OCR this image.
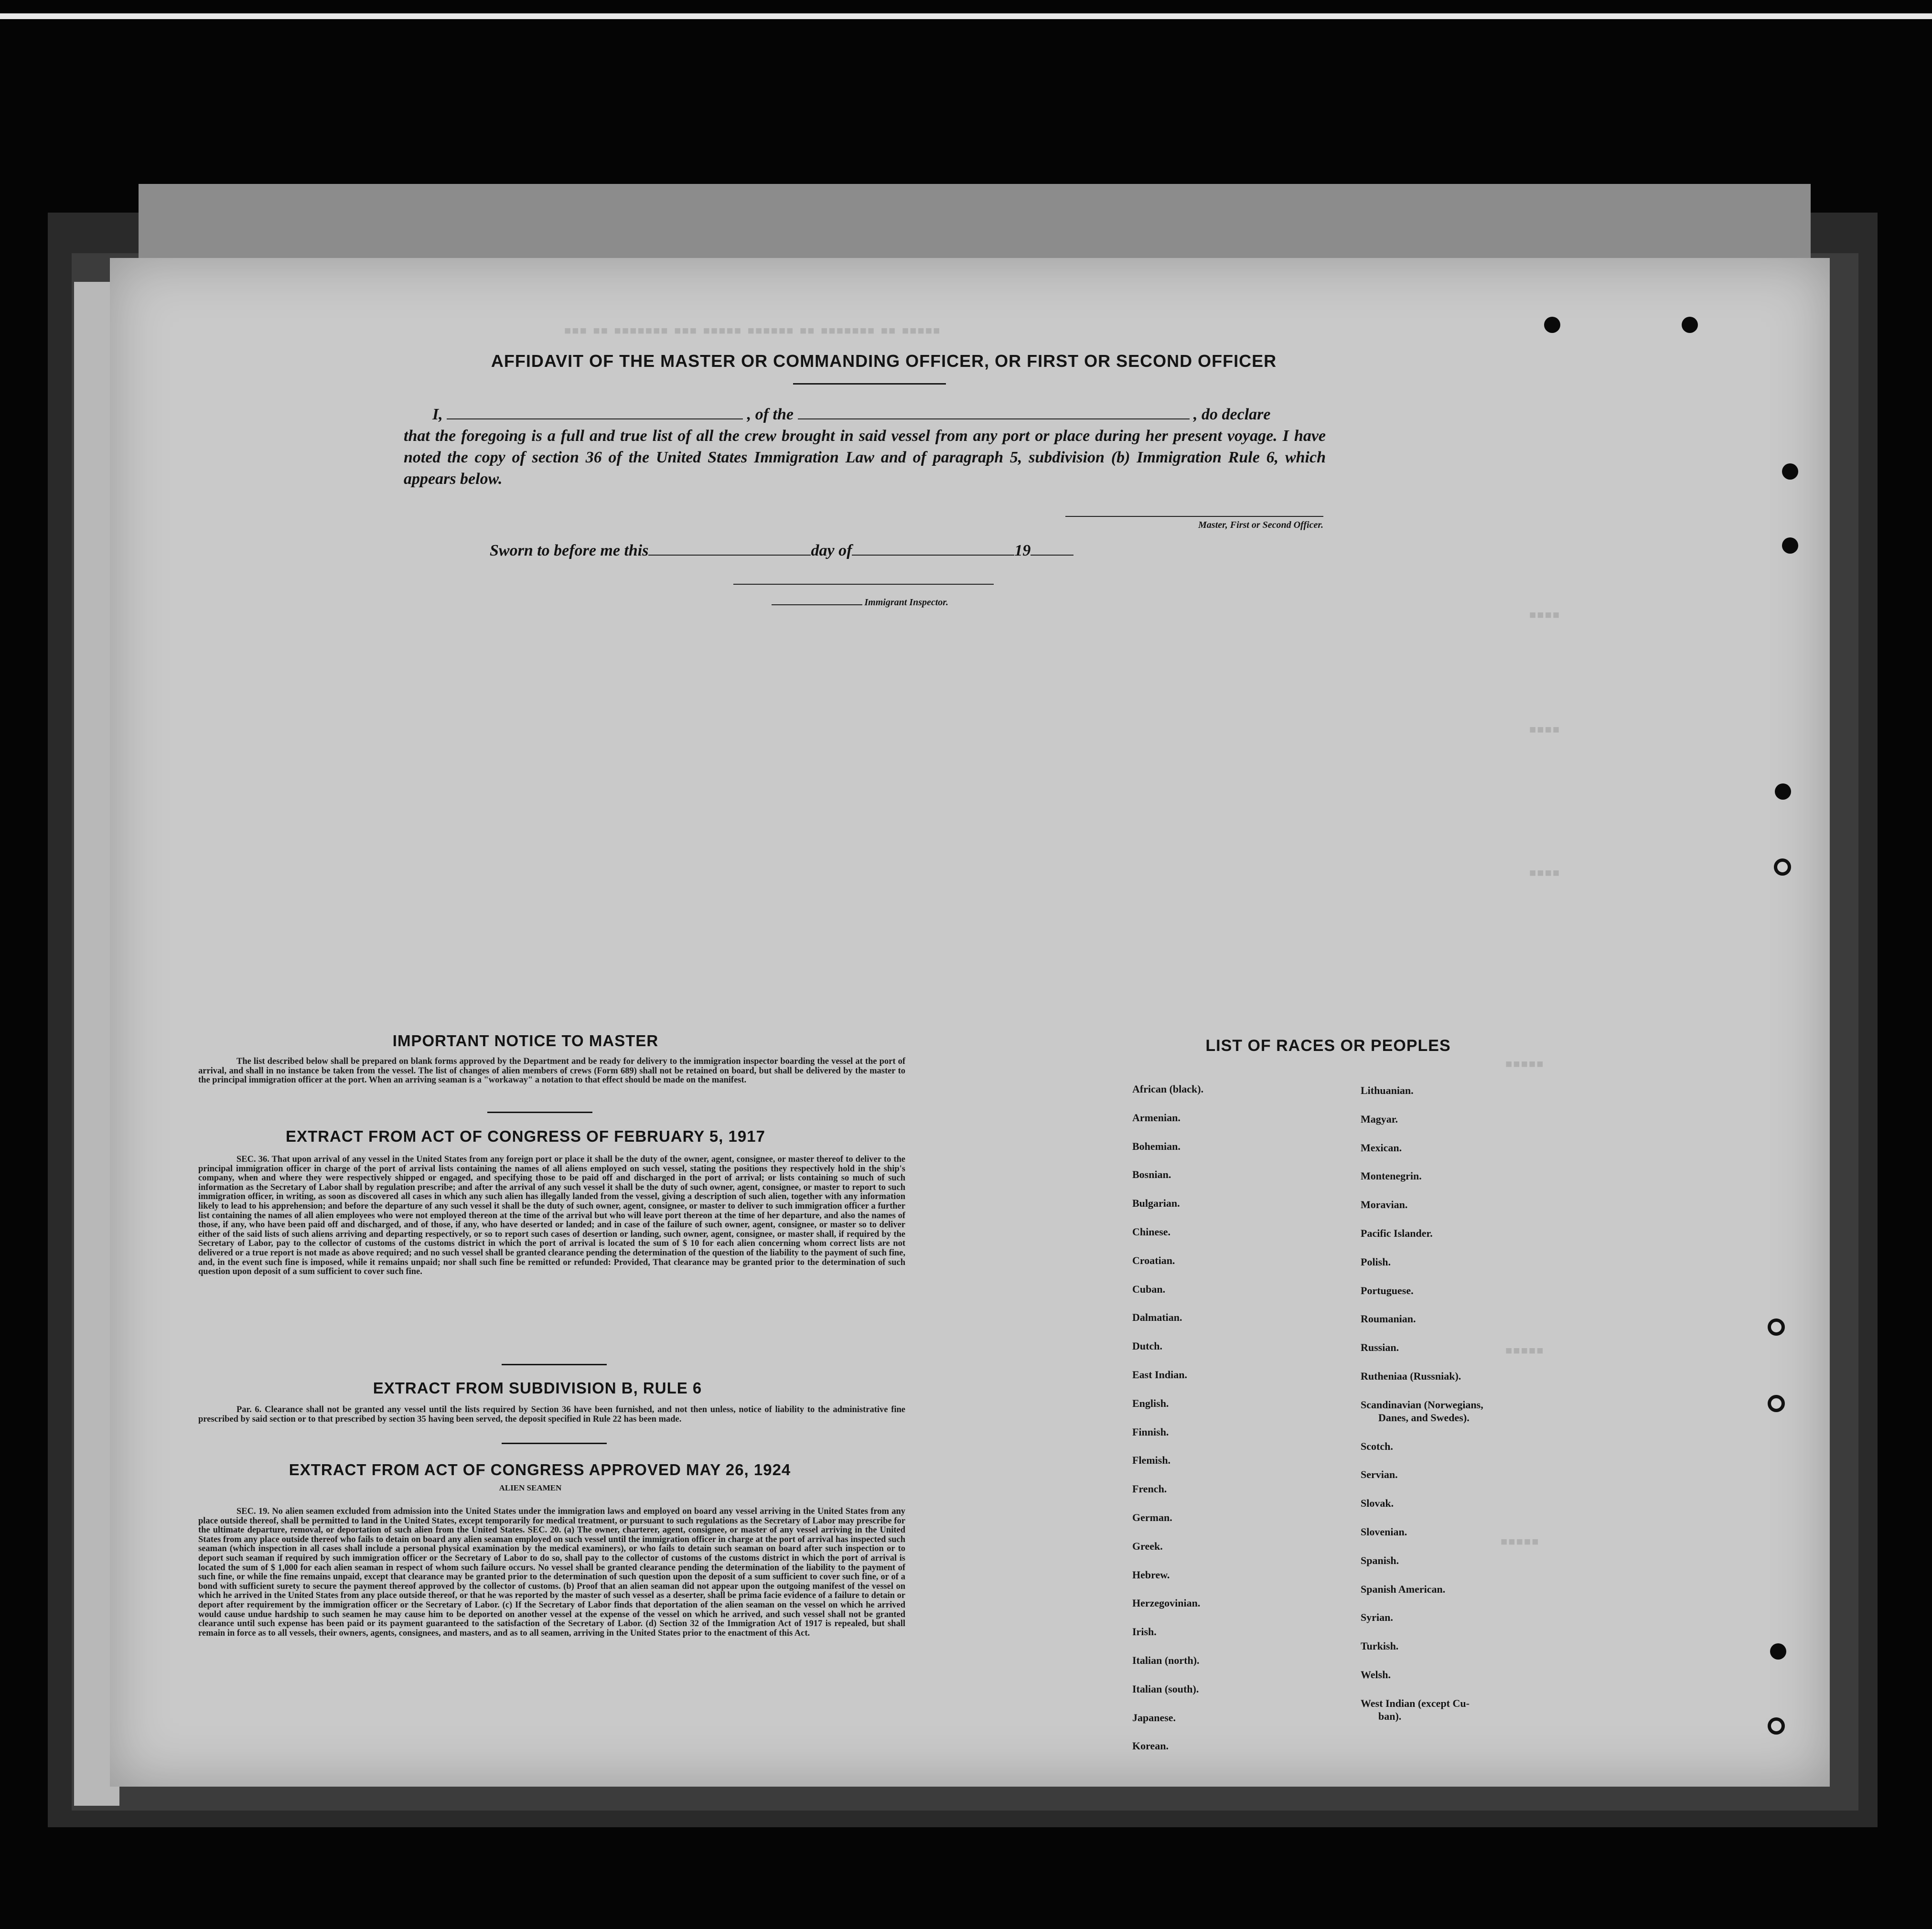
▪▪▪ ▪▪ ▪▪▪▪▪▪▪ ▪▪▪ ▪▪▪▪▪ ▪▪▪▪▪▪ ▪▪ ▪▪▪▪▪▪▪ ▪▪ ▪▪▪▪▪
▪▪▪▪
▪▪▪▪
▪▪▪▪
▪▪▪▪▪
▪▪▪▪▪
▪▪▪▪▪
AFFIDAVIT OF THE MASTER OR COMMANDING OFFICER, OR FIRST OR SECOND OFFICER
I,	, of the	, do declare
that the foregoing is a full and true list of all the crew brought in said vessel from any port or place during her present voyage. I have noted the copy of section 36 of the United States Immigration Law and of paragraph 5, subdivision (b) Immigration Rule 6, which appears below.
Master, First or Second Officer.
Sworn to before me this	day of	19
Immigrant Inspector.
IMPORTANT NOTICE TO MASTER
The list described below shall be prepared on blank forms approved by the Department and be ready for delivery to the immigration inspector boarding the vessel at the port of arrival, and shall in no instance be taken from the vessel. The list of changes of alien members of crews (Form 689) shall not be retained on board, but shall be delivered by the master to the principal immigration officer at the port. When an arriving seaman is a "workaway" a notation to that effect should be made on the manifest.
EXTRACT FROM ACT OF CONGRESS OF FEBRUARY 5, 1917
SEC. 36. That upon arrival of any vessel in the United States from any foreign port or place it shall be the duty of the owner, agent, consignee, or master thereof to deliver to the principal immigration officer in charge of the port of arrival lists containing the names of all aliens employed on such vessel, stating the positions they respectively hold in the ship's company, when and where they were respectively shipped or engaged, and specifying those to be paid off and discharged in the port of arrival; or lists containing so much of such information as the Secretary of Labor shall by regulation prescribe; and after the arrival of any such vessel it shall be the duty of such owner, agent, consignee, or master to report to such immigration officer, in writing, as soon as discovered all cases in which any such alien has illegally landed from the vessel, giving a description of such alien, together with any information likely to lead to his apprehension; and before the departure of any such vessel it shall be the duty of such owner, agent, consignee, or master to deliver to such immigration officer a further list containing the names of all alien employees who were not employed thereon at the time of the arrival but who will leave port thereon at the time of her departure, and also the names of those, if any, who have been paid off and discharged, and of those, if any, who have deserted or landed; and in case of the failure of such owner, agent, consignee, or master so to deliver either of the said lists of such aliens arriving and departing respectively, or so to report such cases of desertion or landing, such owner, agent, consignee, or master shall, if required by the Secretary of Labor, pay to the collector of customs of the customs district in which the port of arrival is located the sum of $ 10 for each alien concerning whom correct lists are not delivered or a true report is not made as above required; and no such vessel shall be granted clearance pending the determination of the question of the liability to the payment of such fine, and, in the event such fine is imposed, while it remains unpaid; nor shall such fine be remitted or refunded: Provided, That clearance may be granted prior to the determination of such question upon deposit of a sum sufficient to cover such fine.
EXTRACT FROM SUBDIVISION B, RULE 6
Par. 6. Clearance shall not be granted any vessel until the lists required by Section 36 have been furnished, and not then unless, notice of liability to the administrative fine prescribed by said section or to that prescribed by section 35 having been served, the deposit specified in Rule 22 has been made.
EXTRACT FROM ACT OF CONGRESS APPROVED MAY 26, 1924
ALIEN SEAMEN
SEC. 19. No alien seamen excluded from admission into the United States under the immigration laws and employed on board any vessel arriving in the United States from any place outside thereof, shall be permitted to land in the United States, except temporarily for medical treatment, or pursuant to such regulations as the Secretary of Labor may prescribe for the ultimate departure, removal, or deportation of such alien from the United States. SEC. 20. (a) The owner, charterer, agent, consignee, or master of any vessel arriving in the United States from any place outside thereof who fails to detain on board any alien seaman employed on such vessel until the immigration officer in charge at the port of arrival has inspected such seaman (which inspection in all cases shall include a personal physical examination by the medical examiners), or who fails to detain such seaman on board after such inspection or to deport such seaman if required by such immigration officer or the Secretary of Labor to do so, shall pay to the collector of customs of the customs district in which the port of arrival is located the sum of $ 1,000 for each alien seaman in respect of whom such failure occurs. No vessel shall be granted clearance pending the determination of the liability to the payment of such fine, or while the fine remains unpaid, except that clearance may be granted prior to the determination of such question upon the deposit of a sum sufficient to cover such fine, or of a bond with sufficient surety to secure the payment thereof approved by the collector of customs. (b) Proof that an alien seaman did not appear upon the outgoing manifest of the vessel on which he arrived in the United States from any place outside thereof, or that he was reported by the master of such vessel as a deserter, shall be prima facie evidence of a failure to detain or deport after requirement by the immigration officer or the Secretary of Labor. (c) If the Secretary of Labor finds that deportation of the alien seaman on the vessel on which he arrived would cause undue hardship to such seamen he may cause him to be deported on another vessel at the expense of the vessel on which he arrived, and such vessel shall not be granted clearance until such expense has been paid or its payment guaranteed to the satisfaction of the Secretary of Labor. (d) Section 32 of the Immigration Act of 1917 is repealed, but shall remain in force as to all vessels, their owners, agents, consignees, and masters, and as to all seamen, arriving in the United States prior to the enactment of this Act.
LIST OF RACES OR PEOPLES
African (black).
Armenian.
Bohemian.
Bosnian.
Bulgarian.
Chinese.
Croatian.
Cuban.
Dalmatian.
Dutch.
East Indian.
English.
Finnish.
Flemish.
French.
German.
Greek.
Hebrew.
Herzegovinian.
Irish.
Italian (north).
Italian (south).
Japanese.
Korean.
Lithuanian.
Magyar.
Mexican.
Montenegrin.
Moravian.
Pacific Islander.
Polish.
Portuguese.
Roumanian.
Russian.
Rutheniaa (Russniak).
Scandinavian (Norwegians,
Danes, and Swedes).
Scotch.
Servian.
Slovak.
Slovenian.
Spanish.
Spanish American.
Syrian.
Turkish.
Welsh.
West Indian (except Cu-
ban).
